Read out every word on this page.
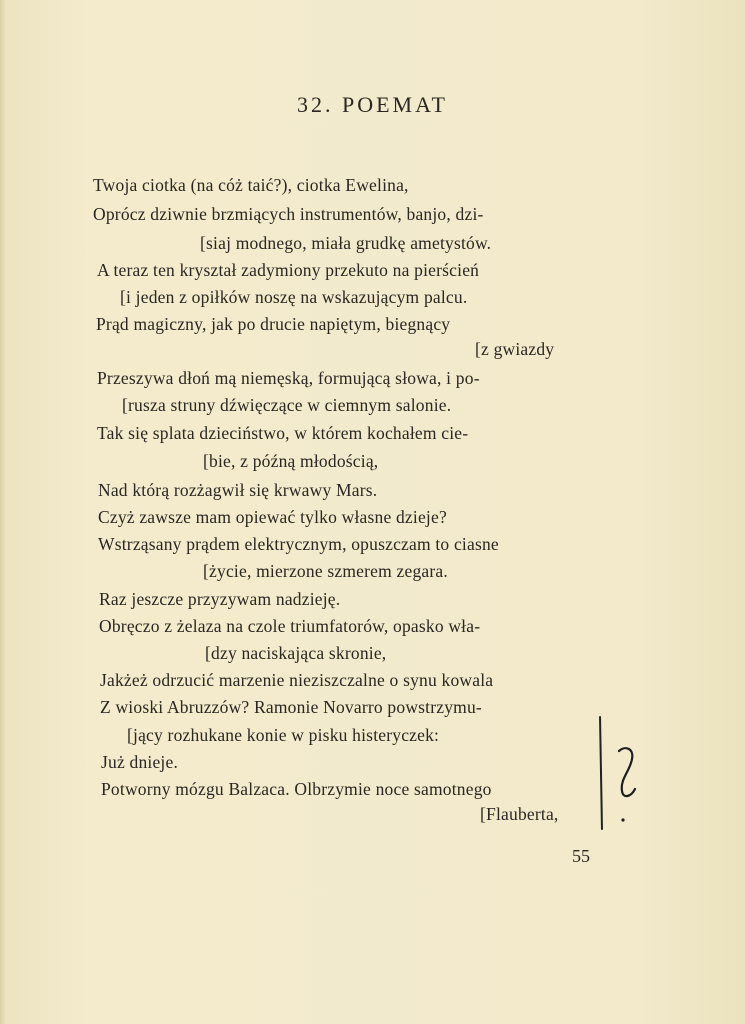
32. POEMAT
Twoja ciotka (na cóż taić?), ciotka Ewelina,
Oprócz dziwnie brzmiących instrumentów, banjo, dzi-
[siaj modnego, miała grudkę ametystów.
A teraz ten kryształ zadymiony przekuto na pierścień
[i jeden z opiłków noszę na wskazującym palcu.
Prąd magiczny, jak po drucie napiętym, biegnący
[z gwiazdy
Przeszywa dłoń mą niemęską, formującą słowa, i po-
[rusza struny dźwięczące w ciemnym salonie.
Tak się splata dzieciństwo, w którem kochałem cie-
[bie, z późną młodością,
Nad którą rozżagwił się krwawy Mars.
Czyż zawsze mam opiewać tylko własne dzieje?
Wstrząsany prądem elektrycznym, opuszczam to ciasne
[życie, mierzone szmerem zegara.
Raz jeszcze przyzywam nadzieję.
Obręczo z żelaza na czole triumfatorów, opasko wła-
[dzy naciskająca skronie,
Jakżeż odrzucić marzenie nieziszczalne o synu kowala
Z wioski Abruzzów? Ramonie Novarro powstrzymu-
[jący rozhukane konie w pisku histeryczek:
Już dnieje.
Potworny mózgu Balzaca. Olbrzymie noce samotnego
[Flauberta,
55
